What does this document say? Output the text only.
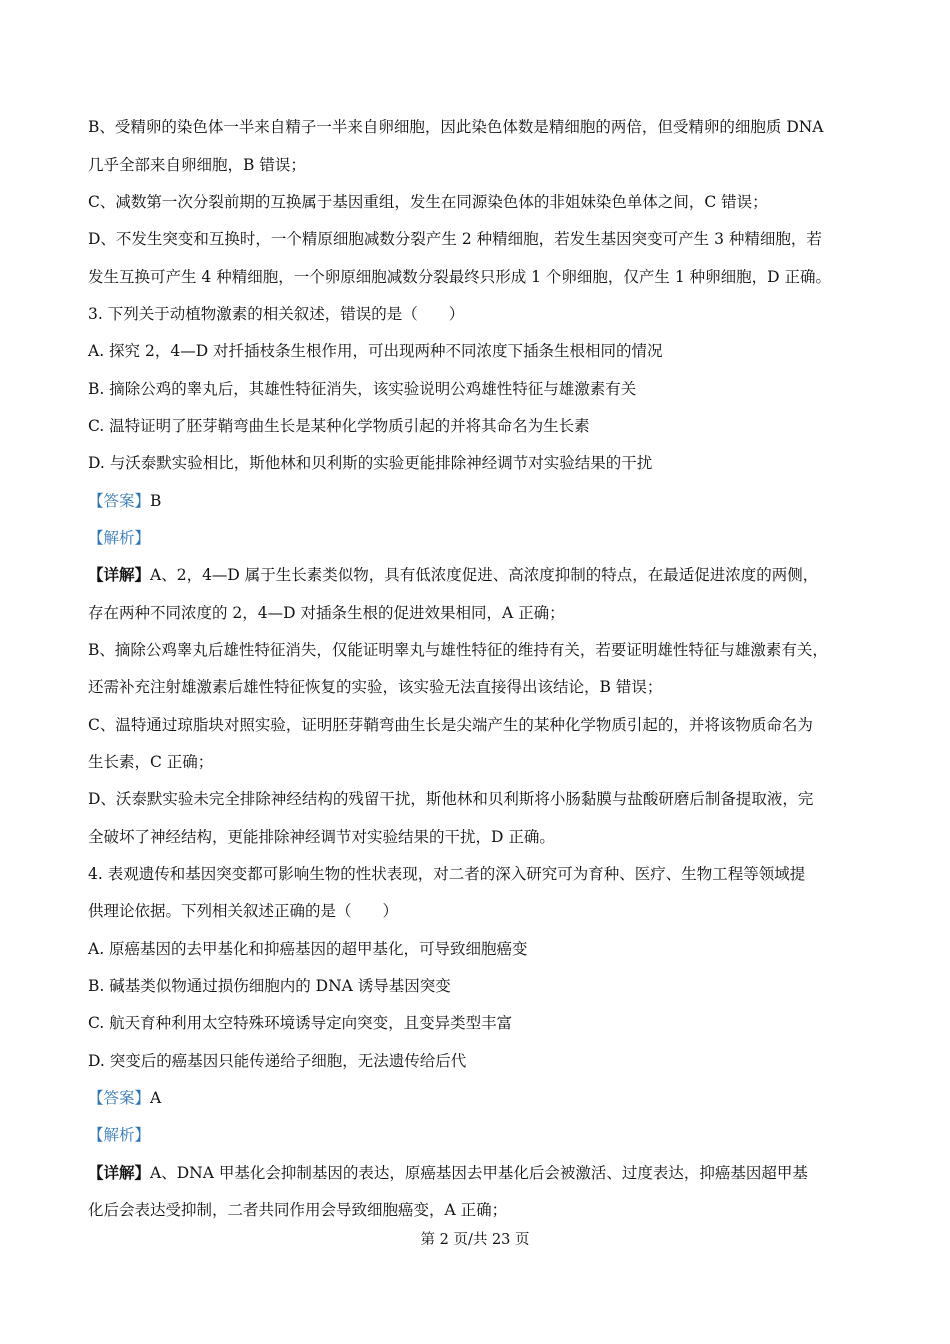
B、受精卵的染色体一半来自精子一半来自卵细胞，因此染色体数是精细胞的两倍，但受精卵的细胞质 DNA
几乎全部来自卵细胞，B 错误；
C、减数第一次分裂前期的互换属于基因重组，发生在同源染色体的非姐妹染色单体之间，C 错误；
D、不发生突变和互换时，一个精原细胞减数分裂产生 2 种精细胞，若发生基因突变可产生 3 种精细胞，若
发生互换可产生 4 种精细胞，一个卵原细胞减数分裂最终只形成 1 个卵细胞，仅产生 1 种卵细胞，D 正确。
3. 下列关于动植物激素的相关叙述，错误的是（　　）
A. 探究 2，4—D 对扦插枝条生根作用，可出现两种不同浓度下插条生根相同的情况
B. 摘除公鸡的睾丸后，其雄性特征消失，该实验说明公鸡雄性特征与雄激素有关
C. 温特证明了胚芽鞘弯曲生长是某种化学物质引起的并将其命名为生长素
D. 与沃泰默实验相比，斯他林和贝利斯的实验更能排除神经调节对实验结果的干扰
【答案】B
【解析】
【详解】A、2，4—D 属于生长素类似物，具有低浓度促进、高浓度抑制的特点，在最适促进浓度的两侧，
存在两种不同浓度的 2，4—D 对插条生根的促进效果相同，A 正确；
B、摘除公鸡睾丸后雄性特征消失，仅能证明睾丸与雄性特征的维持有关，若要证明雄性特征与雄激素有关，
还需补充注射雄激素后雄性特征恢复的实验，该实验无法直接得出该结论，B 错误；
C、温特通过琼脂块对照实验，证明胚芽鞘弯曲生长是尖端产生的某种化学物质引起的，并将该物质命名为
生长素，C 正确；
D、沃泰默实验未完全排除神经结构的残留干扰，斯他林和贝利斯将小肠黏膜与盐酸研磨后制备提取液，完
全破坏了神经结构，更能排除神经调节对实验结果的干扰，D 正确。
4. 表观遗传和基因突变都可影响生物的性状表现，对二者的深入研究可为育种、医疗、生物工程等领域提
供理论依据。下列相关叙述正确的是（　　）
A. 原癌基因的去甲基化和抑癌基因的超甲基化，可导致细胞癌变
B. 碱基类似物通过损伤细胞内的 DNA 诱导基因突变
C. 航天育种利用太空特殊环境诱导定向突变，且变异类型丰富
D. 突变后的癌基因只能传递给子细胞，无法遗传给后代
【答案】A
【解析】
【详解】A、DNA 甲基化会抑制基因的表达，原癌基因去甲基化后会被激活、过度表达，抑癌基因超甲基
化后会表达受抑制，二者共同作用会导致细胞癌变，A 正确；
第 2 页/共 23 页
